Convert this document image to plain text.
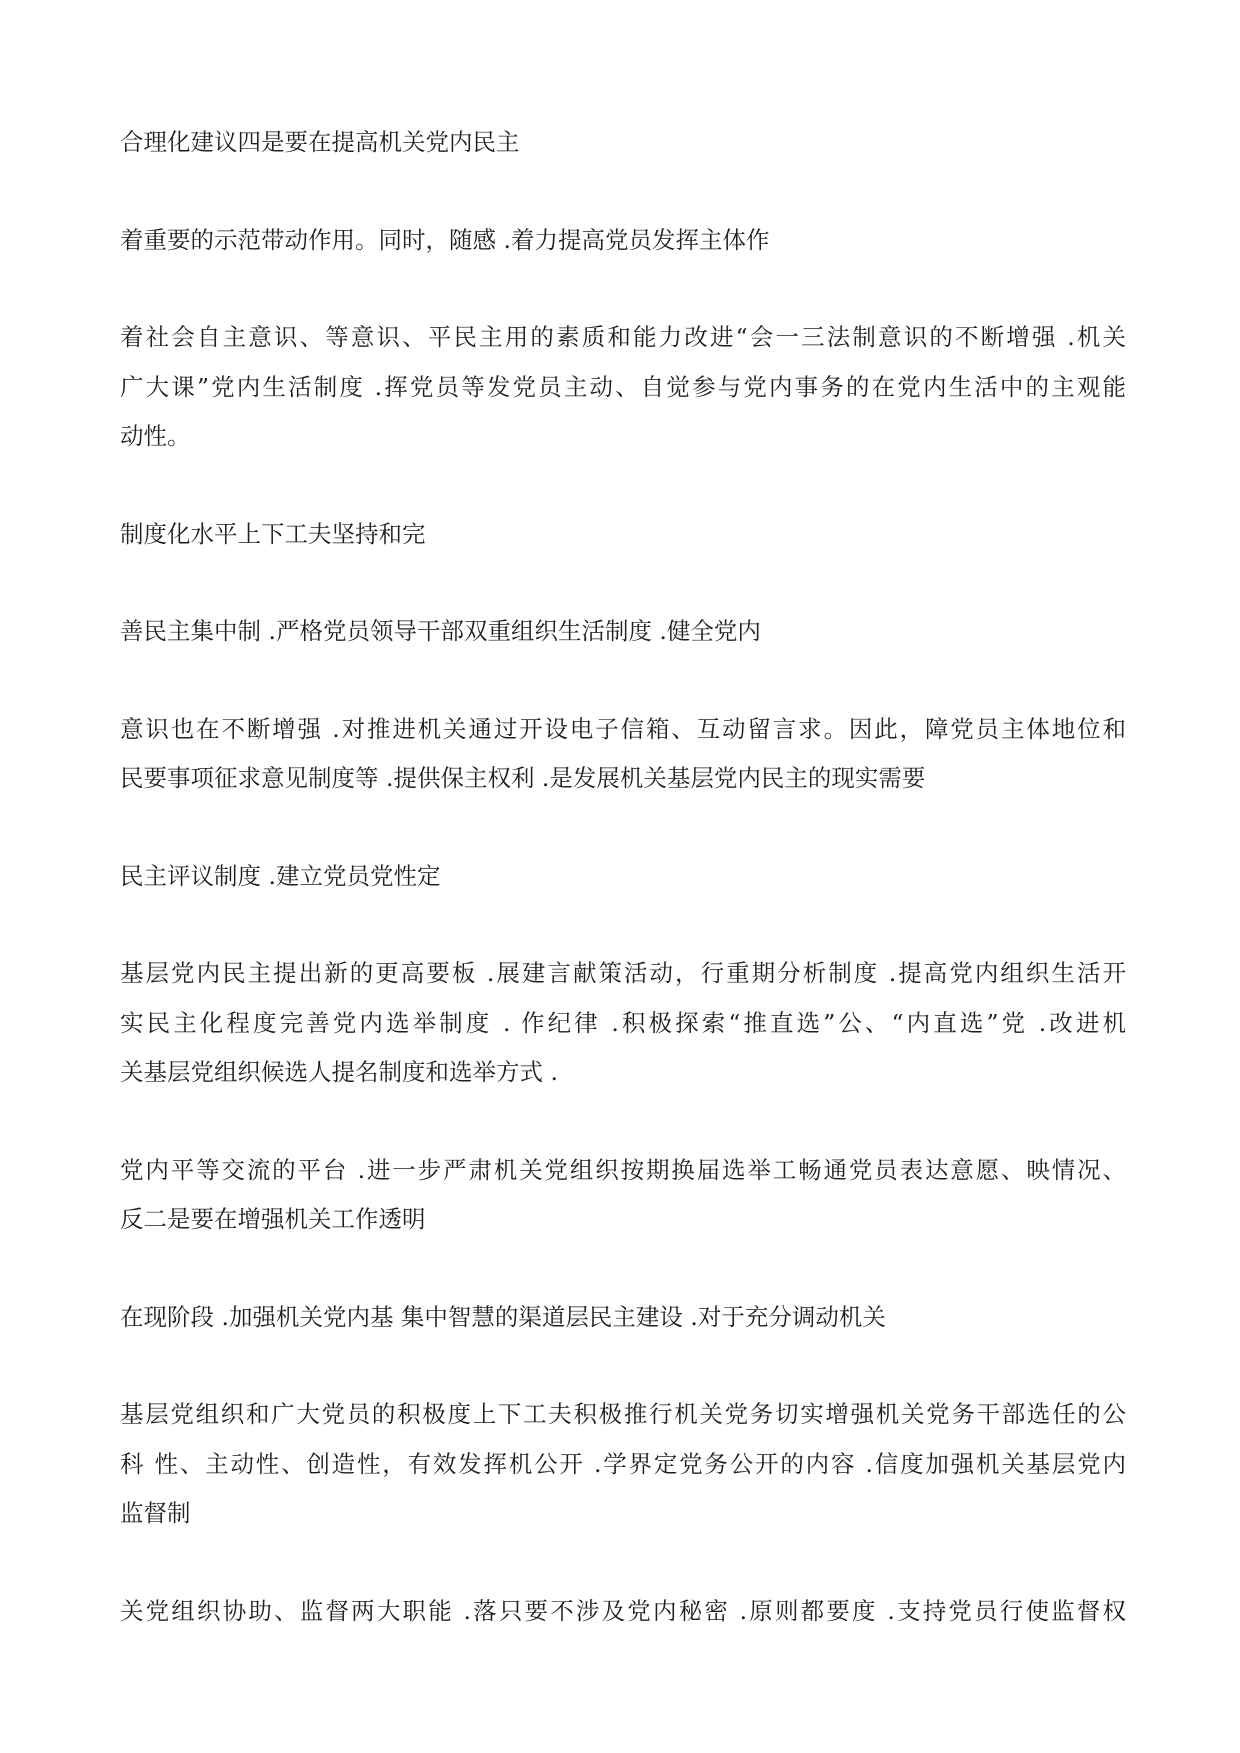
合理化建议四是要在提高机关党内民主
着重要的示范带动作用。同时，随感 .着力提高党员发挥主体作
着社会自主意识、等意识、平民主用的素质和能力改进“会一三法制意识的不断增强 .机关
广大课”党内生活制度 .挥党员等发党员主动、自觉参与党内事务的在党内生活中的主观能
动性。
制度化水平上下工夫坚持和完
善民主集中制 .严格党员领导干部双重组织生活制度 .健全党内
意识也在不断增强 .对推进机关通过开设电子信箱、互动留言求。因此，障党员主体地位和
民要事项征求意见制度等 .提供保主权利 .是发展机关基层党内民主的现实需要
民主评议制度 .建立党员党性定
基层党内民主提出新的更高要板 .展建言献策活动，行重期分析制度 .提高党内组织生活开
实民主化程度完善党内选举制度 . 作纪律 .积极探索“推直选”公、“内直选”党 .改进机
关基层党组织候选人提名制度和选举方式 .
党内平等交流的平台 .进一步严肃机关党组织按期换届选举工畅通党员表达意愿、映情况、
反二是要在增强机关工作透明
在现阶段 .加强机关党内基 集中智慧的渠道层民主建设 .对于充分调动机关
基层党组织和广大党员的积极度上下工夫积极推行机关党务切实增强机关党务干部选任的公
科 性、主动性、创造性，有效发挥机公开 .学界定党务公开的内容 .信度加强机关基层党内
监督制
关党组织协助、监督两大职能 .落只要不涉及党内秘密 .原则都要度 .支持党员行使监督权
